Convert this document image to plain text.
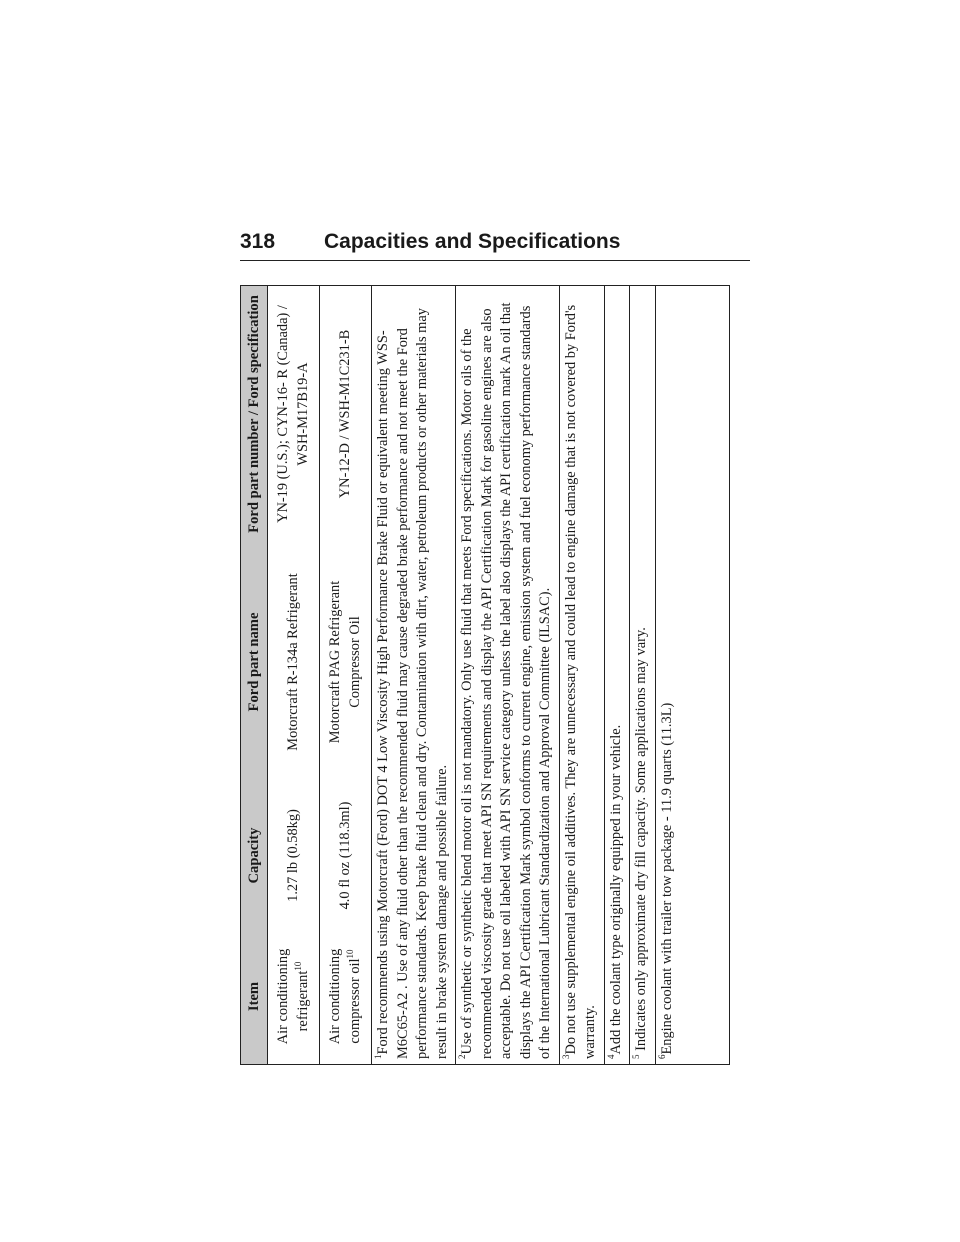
318 Capacities and Specifications
Item	Capacity	Ford part name	Ford part number / Ford specification
Air conditioning refrigerant$^{10}$	1.27 lb (0.58kg)	Motorcraft R-134a Refrigerant	YN-19 (U.S.); CYN-16- R (Canada) / WSH-M17B19-A
Air conditioning compressor oil$^{10}$	4.0 fl oz (118.3ml)	Motorcraft PAG Refrigerant Compressor Oil	YN-12-D / WSH-M1C231-B
$^1$Ford recommends using Motorcraft (Ford) DOT 4 Low Viscosity High Performance Brake Fluid or equivalent meeting WSS-M6C65-A2 . Use of any fluid other than the recommended fluid may cause degraded brake performance and not meet the Ford performance standards. Keep brake fluid clean and dry. Contamination with dirt, water, petroleum products or other materials may result in brake system damage and possible failure. $^2$Use of synthetic or synthetic blend motor oil is not mandatory. Only use fluid that meets Ford specifications. Motor oils of the recommended viscosity grade that meet API SN requirements and display the API Certification Mark for gasoline engines are also acceptable. Do not use oil labeled with API SN service category unless the label also displays the API certification mark An oil that displays the API Certification Mark symbol conforms to current engine, emission system and fuel economy performance standards of the International Lubricant Standardization and Approval Committee (ILSAC). $^3$Do not use supplemental engine oil additives. They are unnecessary and could lead to engine damage that is not covered by Ford's warranty. $^4$Add the coolant type originally equipped in your vehicle.
$^5$ Indicates only approximate dry fill capacity. Some applications may vary.
$^6$Engine coolant with trailer tow package - 11.9 quarts (11.3L)
